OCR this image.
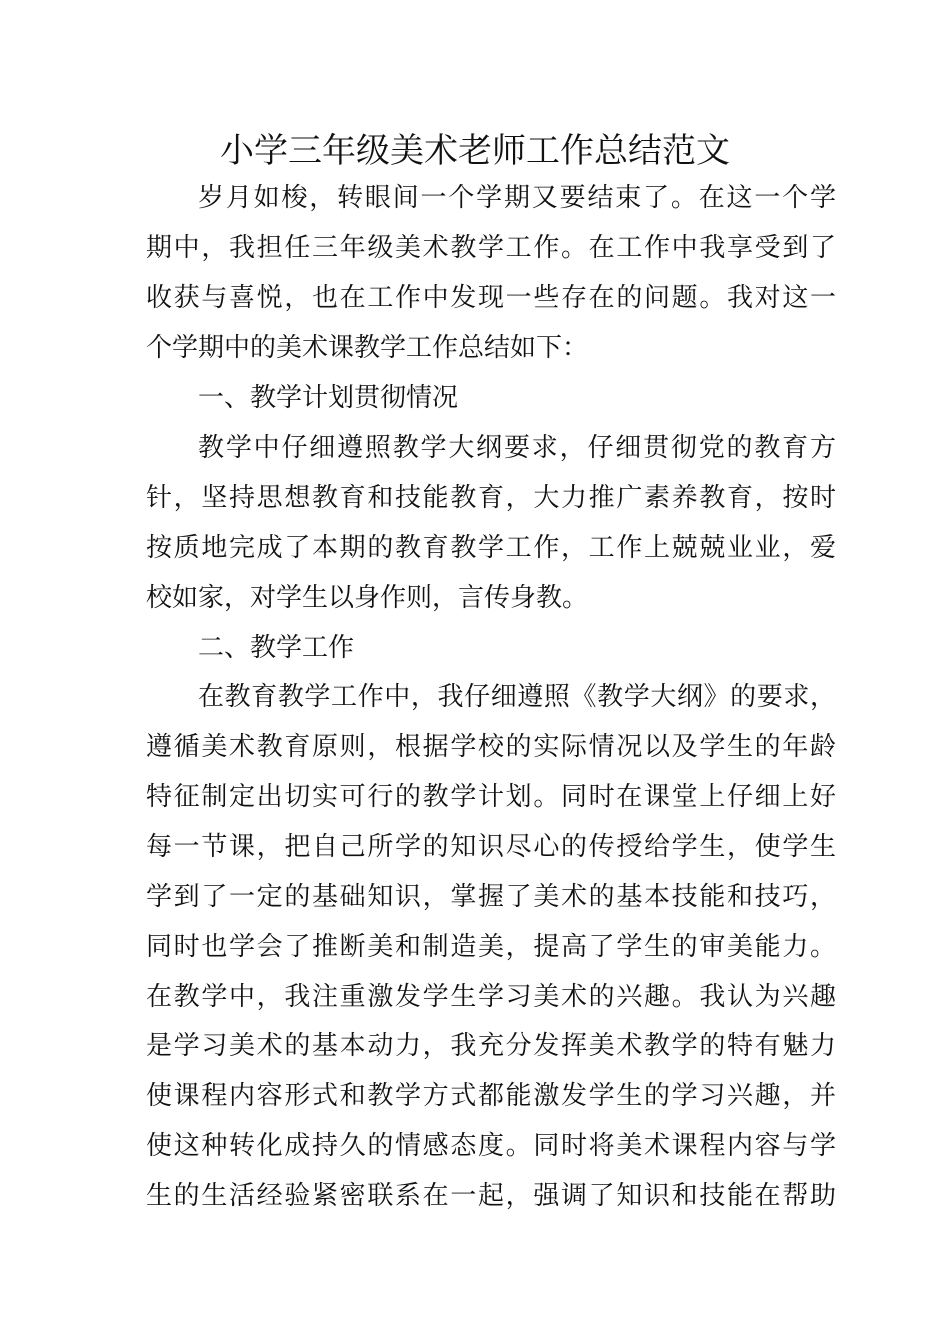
小学三年级美术老师工作总结范文
岁月如梭，转眼间一个学期又要结束了。在这一个学
期中，我担任三年级美术教学工作。在工作中我享受到了
收获与喜悦，也在工作中发现一些存在的问题。我对这一
个学期中的美术课教学工作总结如下：
一、教学计划贯彻情况
教学中仔细遵照教学大纲要求，仔细贯彻党的教育方
针，坚持思想教育和技能教育，大力推广素养教育，按时
按质地完成了本期的教育教学工作，工作上兢兢业业，爱
校如家，对学生以身作则，言传身教。
二、教学工作
在教育教学工作中，我仔细遵照《教学大纲》的要求，
遵循美术教育原则，根据学校的实际情况以及学生的年龄
特征制定出切实可行的教学计划。同时在课堂上仔细上好
每一节课，把自己所学的知识尽心的传授给学生，使学生
学到了一定的基础知识，掌握了美术的基本技能和技巧，
同时也学会了推断美和制造美，提高了学生的审美能力。
在教学中，我注重激发学生学习美术的兴趣。我认为兴趣
是学习美术的基本动力，我充分发挥美术教学的特有魅力
使课程内容形式和教学方式都能激发学生的学习兴趣，并
使这种转化成持久的情感态度。同时将美术课程内容与学
生的生活经验紧密联系在一起，强调了知识和技能在帮助
